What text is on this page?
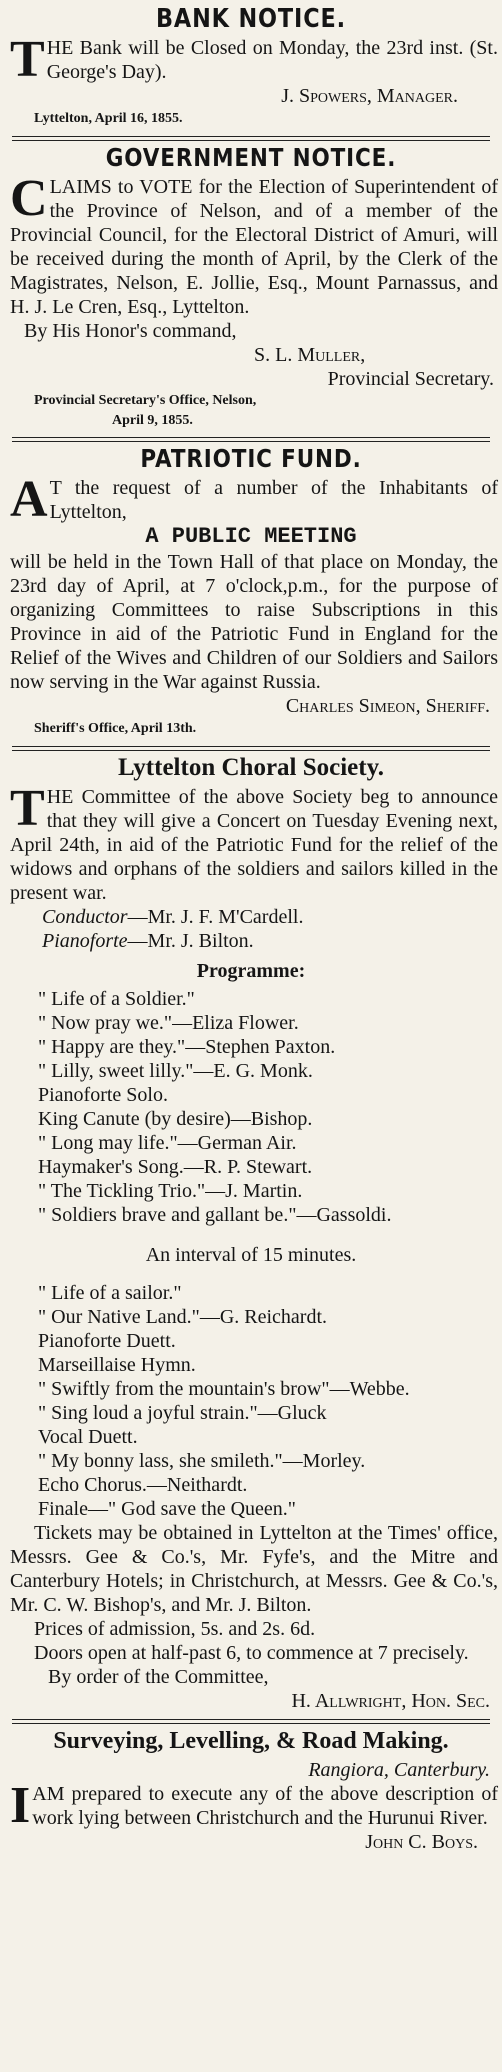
BANK NOTICE.
T HE Bank will be Closed on Monday, the 23rd inst. (St. George's Day).
J. Spowers, Manager.
Lyttelton, April 16, 1855.
GOVERNMENT NOTICE.
C LAIMS to VOTE for the Election of Superintendent of the Province of Nelson, and of a member of the Provincial Council, for the Electoral District of Amuri, will be received during the month of April, by the Clerk of the Magistrates, Nelson, E. Jollie, Esq., Mount Parnassus, and H. J. Le Cren, Esq., Lyttelton.
By His Honor's command,
S. L. Muller,
Provincial Secretary.
Provincial Secretary's Office, Nelson,
April 9, 1855.
PATRIOTIC FUND.
A T the request of a number of the Inhabitants of Lyttelton,
A PUBLIC MEETING
will be held in the Town Hall of that place on Monday, the 23rd day of April, at 7 o'clock,p.m., for the purpose of organizing Committees to raise Subscriptions in this Province in aid of the Patriotic Fund in England for the Relief of the Wives and Children of our Soldiers and Sailors now serving in the War against Russia.
Charles Simeon, Sheriff.
Sheriff's Office, April 13th.
Lyttelton Choral Society.
T HE Committee of the above Society beg to announce that they will give a Concert on Tuesday Evening next, April 24th, in aid of the Patriotic Fund for the relief of the widows and orphans of the soldiers and sailors killed in the present war.
Conductor—Mr. J. F. M'Cardell.
Pianoforte—Mr. J. Bilton.
Programme:
" Life of a Soldier."
" Now pray we."—Eliza Flower.
" Happy are they."—Stephen Paxton.
" Lilly, sweet lilly."—E. G. Monk.
Pianoforte Solo.
King Canute (by desire)—Bishop.
" Long may life."—German Air.
Haymaker's Song.—R. P. Stewart.
" The Tickling Trio."—J. Martin.
" Soldiers brave and gallant be."—Gassoldi.
An interval of 15 minutes.
" Life of a sailor."
" Our Native Land."—G. Reichardt.
Pianoforte Duett.
Marseillaise Hymn.
" Swiftly from the mountain's brow"—Webbe.
" Sing loud a joyful strain."—Gluck
Vocal Duett.
" My bonny lass, she smileth."—Morley.
Echo Chorus.—Neithardt.
Finale—" God save the Queen."
Tickets may be obtained in Lyttelton at the Times' office, Messrs. Gee & Co.'s, Mr. Fyfe's, and the Mitre and Canterbury Hotels; in Christchurch, at Messrs. Gee & Co.'s, Mr. C. W. Bishop's, and Mr. J. Bilton.
Prices of admission, 5s. and 2s. 6d.
Doors open at half-past 6, to commence at 7 precisely.
By order of the Committee,
H. Allwright, Hon. Sec.
Surveying, Levelling, & Road Making.
Rangiora, Canterbury.
I AM prepared to execute any of the above description of work lying between Christchurch and the Hurunui River.
John C. Boys.
